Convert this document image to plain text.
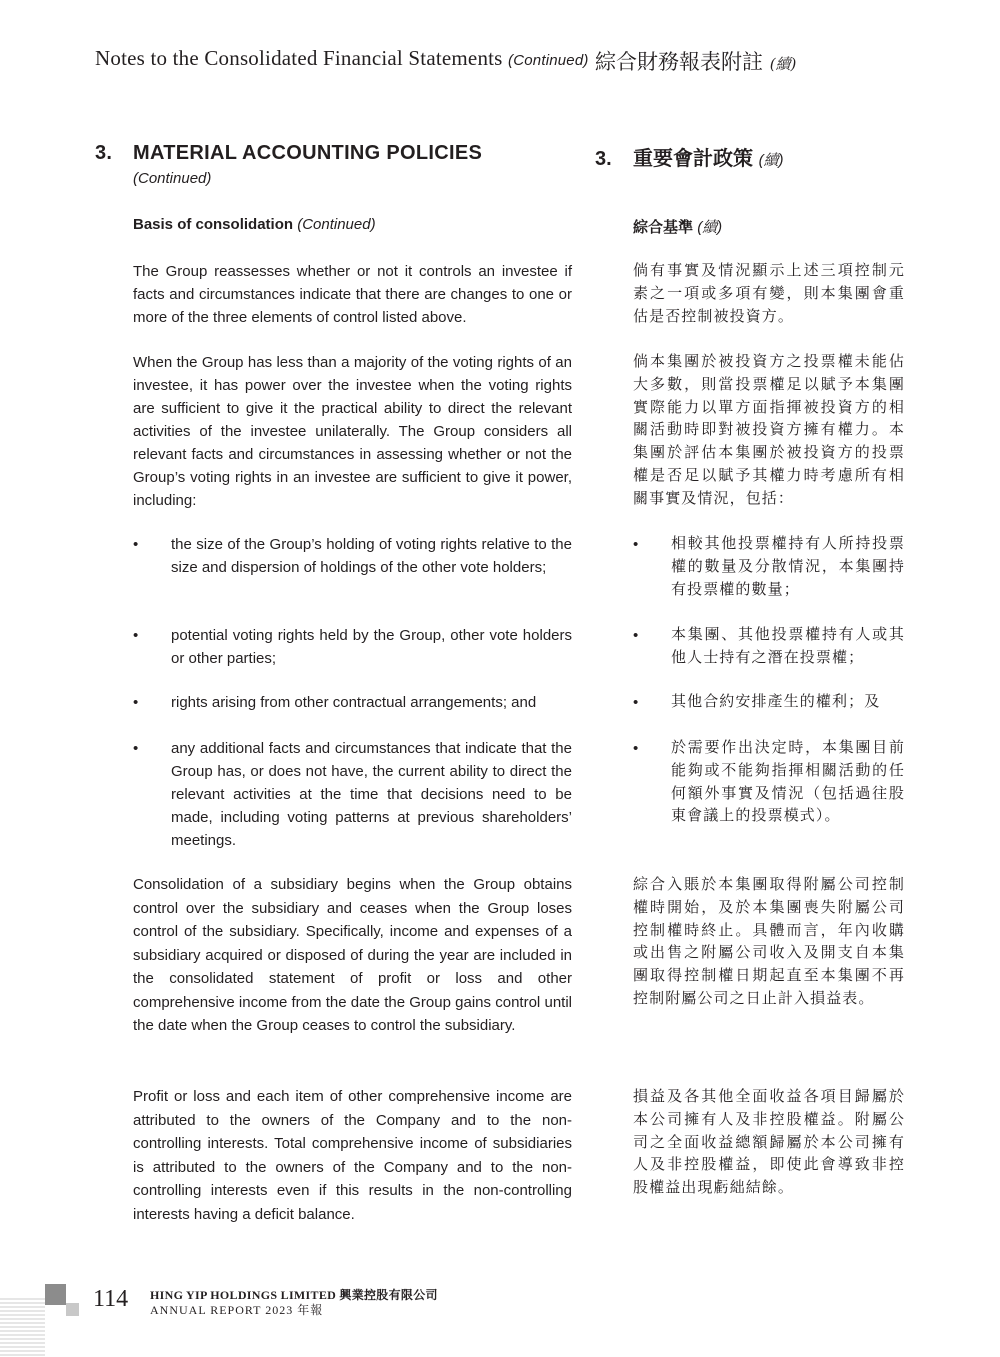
Notes to the Consolidated Financial Statements (Continued) 綜合財務報表附註 (續)
3. MATERIAL ACCOUNTING POLICIES
(Continued)
3. 重要會計政策 (續)
Basis of consolidation (Continued)	綜合基準 (續)

The Group reassesses whether or not it controls an investee if facts and circumstances indicate that there are changes to one or more of the three elements of control listed above.

When the Group has less than a majority of the voting rights of an investee, it has power over the investee when the voting rights are sufficient to give it the practical ability to direct the relevant activities of the investee unilaterally. The Group considers all relevant facts and circumstances in assessing whether or not the Group’s voting rights in an investee are sufficient to give it power, including:

• the size of the Group’s holding of voting rights relative to the size and dispersion of holdings of the other vote holders;

• potential voting rights held by the Group, other vote holders or other parties;

• rights arising from other contractual arrangements; and

• any additional facts and circumstances that indicate that the Group has, or does not have, the current ability to direct the relevant activities at the time that decisions need to be made, including voting patterns at previous shareholders’ meetings.

Consolidation of a subsidiary begins when the Group obtains control over the subsidiary and ceases when the Group loses control of the subsidiary. Specifically, income and expenses of a subsidiary acquired or disposed of during the year are included in the consolidated statement of profit or loss and other comprehensive income from the date the Group gains control until the date when the Group ceases to control the subsidiary.

Profit or loss and each item of other comprehensive income are attributed to the owners of the Company and to the non-controlling interests. Total comprehensive income of subsidiaries is attributed to the owners of the Company and to the non-controlling interests even if this results in the non-controlling interests having a deficit balance.

倘有事實及情況顯示上述三項控制元素之一項或多項有變，則本集團會重估是否控制被投資方。

倘本集團於被投資方之投票權未能佔大多數，則當投票權足以賦予本集團實際能力以單方面指揮被投資方的相關活動時即對被投資方擁有權力。本集團於評估本集團於被投資方的投票權是否足以賦予其權力時考慮所有相關事實及情況，包括：

• 相較其他投票權持有人所持投票權的數量及分散情況，本集團持有投票權的數量；

• 本集團、其他投票權持有人或其他人士持有之潛在投票權；

• 其他合約安排產生的權利；及

• 於需要作出決定時，本集團目前能夠或不能夠指揮相關活動的任何額外事實及情況（包括過往股東會議上的投票模式）。

綜合入賬於本集團取得附屬公司控制權時開始，及於本集團喪失附屬公司控制權時終止。具體而言，年內收購或出售之附屬公司收入及開支自本集團取得控制權日期起直至本集團不再控制附屬公司之日止計入損益表。

損益及各其他全面收益各項目歸屬於本公司擁有人及非控股權益。附屬公司之全面收益總額歸屬於本公司擁有人及非控股權益，即使此會導致非控股權益出現虧絀結餘。

114 HING YIP HOLDINGS LIMITED 興業控股有限公司
ANNUAL REPORT 2023 年報
